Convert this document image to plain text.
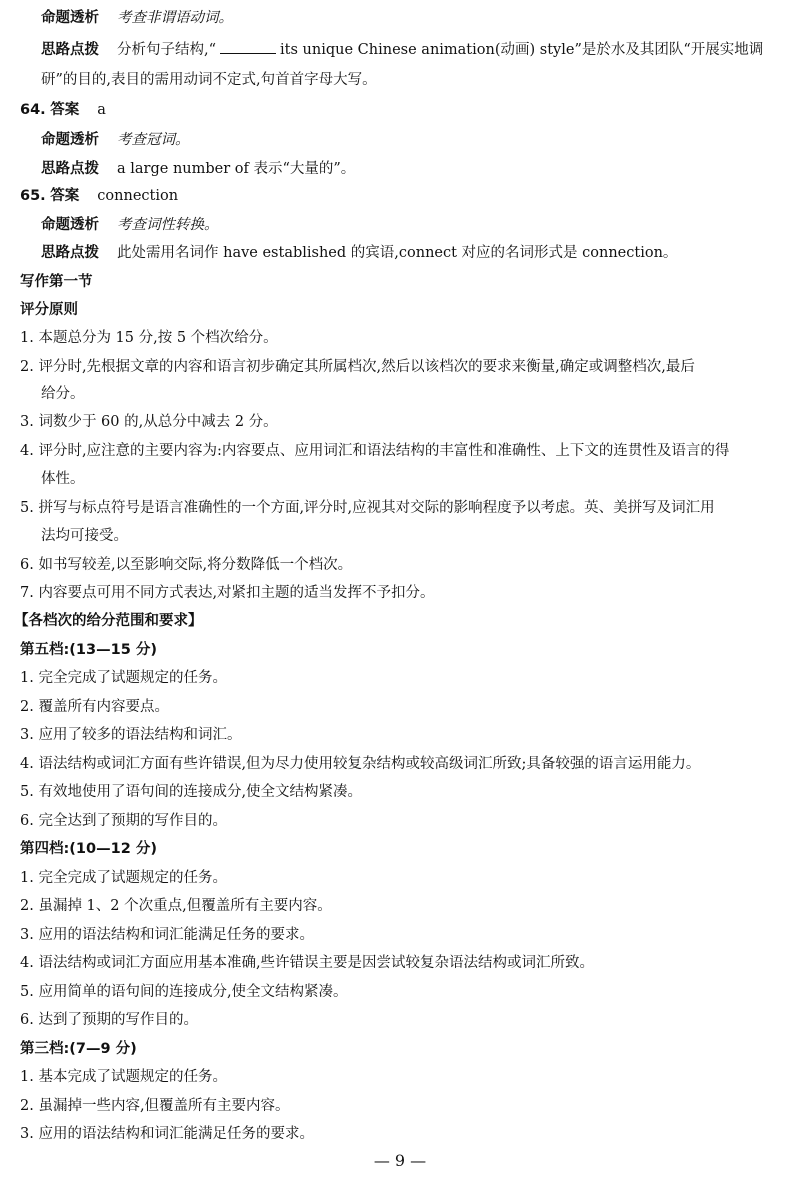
命题透析 考查非谓语动词。
思路点拨 分析句子结构,“	its unique Chinese animation(动画) style”是於水及其团队“开展实地调
研”的目的,表目的需用动词不定式,句首首字母大写。
64. 答案 a
命题透析 考查冠词。
思路点拨 a large number of 表示“大量的”。
65. 答案 connection
命题透析 考查词性转换。
思路点拨 此处需用名词作 have established 的宾语,connect 对应的名词形式是 connection。
写作第一节
评分原则
1. 本题总分为 15 分,按 5 个档次给分。
2. 评分时,先根据文章的内容和语言初步确定其所属档次,然后以该档次的要求来衡量,确定或调整档次,最后
给分。
3. 词数少于 60 的,从总分中减去 2 分。
4. 评分时,应注意的主要内容为:内容要点、应用词汇和语法结构的丰富性和准确性、上下文的连贯性及语言的得
体性。
5. 拼写与标点符号是语言准确性的一个方面,评分时,应视其对交际的影响程度予以考虑。英、美拼写及词汇用
法均可接受。
6. 如书写较差,以至影响交际,将分数降低一个档次。
7. 内容要点可用不同方式表达,对紧扣主题的适当发挥不予扣分。
【各档次的给分范围和要求】
第五档:(13—15 分)
1. 完全完成了试题规定的任务。
2. 覆盖所有内容要点。
3. 应用了较多的语法结构和词汇。
4. 语法结构或词汇方面有些许错误,但为尽力使用较复杂结构或较高级词汇所致;具备较强的语言运用能力。
5. 有效地使用了语句间的连接成分,使全文结构紧凑。
6. 完全达到了预期的写作目的。
第四档:(10—12 分)
1. 完全完成了试题规定的任务。
2. 虽漏掉 1、2 个次重点,但覆盖所有主要内容。
3. 应用的语法结构和词汇能满足任务的要求。
4. 语法结构或词汇方面应用基本准确,些许错误主要是因尝试较复杂语法结构或词汇所致。
5. 应用简单的语句间的连接成分,使全文结构紧凑。
6. 达到了预期的写作目的。
第三档:(7—9 分)
1. 基本完成了试题规定的任务。
2. 虽漏掉一些内容,但覆盖所有主要内容。
3. 应用的语法结构和词汇能满足任务的要求。
— 9 —
